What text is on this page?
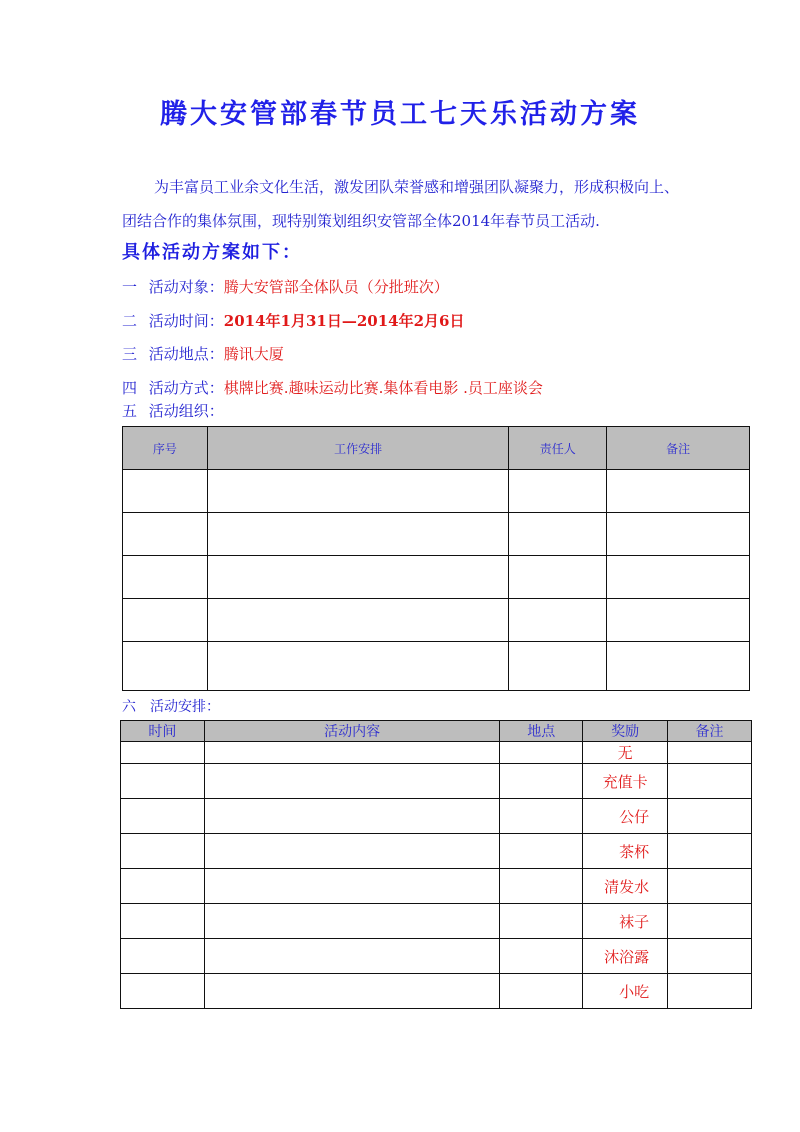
腾大安管部春节员工七天乐活动方案

为丰富员工业余文化生活，激发团队荣誉感和增强团队凝聚力，形成积极向上、团结合作的集体氛围，现特别策划组织安管部全体2014年春节员工活动.

具体活动方案如下：

一 活动对象：腾大安管部全体队员（分批班次）
二 活动时间：2014年1月31日—2014年2月6日
三 活动地点：腾讯大厦
四 活动方式：棋牌比赛.趣味运动比赛.集体看电影 .员工座谈会
五 活动组织：
序号	工作安排	责任人	备注

六 活动安排：
时间	活动内容	地点	奖励	备注
			无	
			充值卡	
			公仔	
			茶杯	
			清发水	
			袜子	
			沐浴露	
			小吃	
